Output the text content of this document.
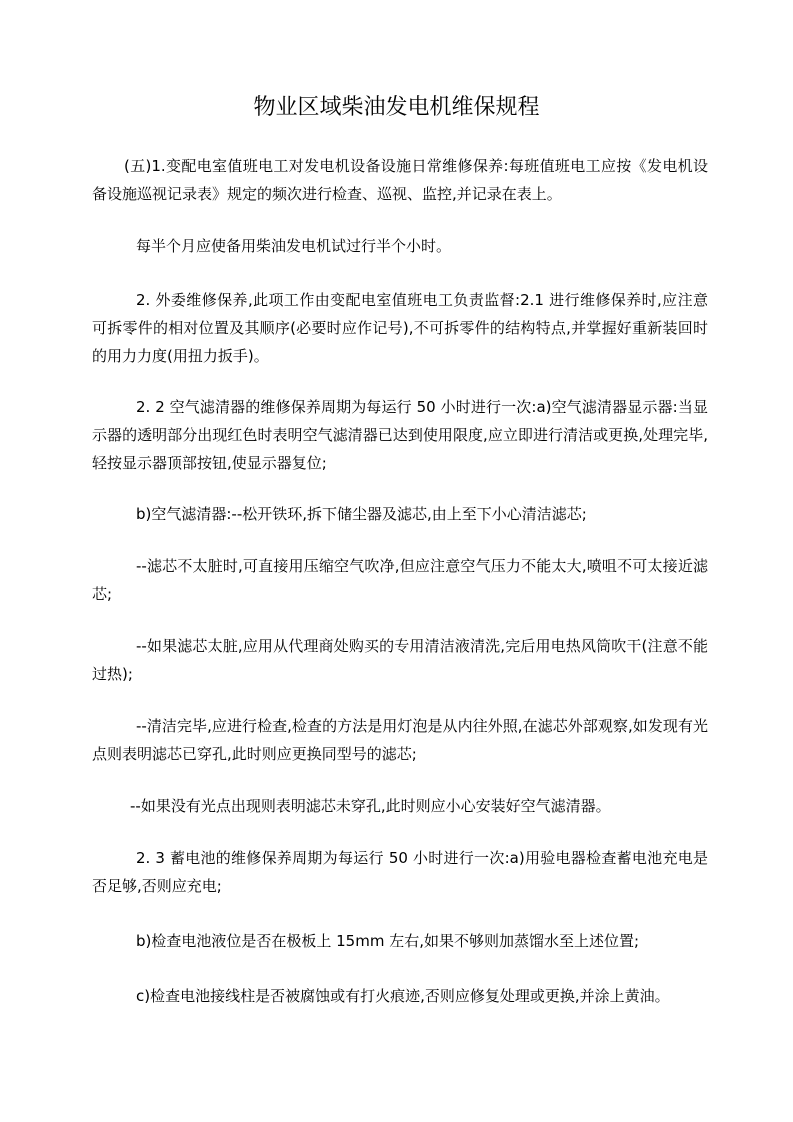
物业区域柴油发电机维保规程

(五)1.变配电室值班电工对发电机设备设施日常维修保养:每班值班电工应按《发电机设备设施巡视记录表》规定的频次进行检查、巡视、监控,并记录在表上。

每半个月应使备用柴油发电机试过行半个小时。

2. 外委维修保养,此项工作由变配电室值班电工负责监督:2.1 进行维修保养时,应注意可拆零件的相对位置及其顺序(必要时应作记号),不可拆零件的结构特点,并掌握好重新装回时的用力力度(用扭力扳手)。

2. 2 空气滤清器的维修保养周期为每运行 50 小时进行一次:a)空气滤清器显示器:当显示器的透明部分出现红色时表明空气滤清器已达到使用限度,应立即进行清洁或更换,处理完毕,轻按显示器顶部按钮,使显示器复位;

b)空气滤清器:--松开铁环,拆下储尘器及滤芯,由上至下小心清洁滤芯;

--滤芯不太脏时,可直接用压缩空气吹净,但应注意空气压力不能太大,喷咀不可太接近滤芯;

--如果滤芯太脏,应用从代理商处购买的专用清洁液清洗,完后用电热风筒吹干(注意不能过热);

--清洁完毕,应进行检查,检查的方法是用灯泡是从内往外照,在滤芯外部观察,如发现有光点则表明滤芯已穿孔,此时则应更换同型号的滤芯;

--如果没有光点出现则表明滤芯未穿孔,此时则应小心安装好空气滤清器。

2. 3 蓄电池的维修保养周期为每运行 50 小时进行一次:a)用验电器检查蓄电池充电是否足够,否则应充电;

b)检查电池液位是否在极板上 15mm 左右,如果不够则加蒸馏水至上述位置;

c)检查电池接线柱是否被腐蚀或有打火痕迹,否则应修复处理或更换,并涂上黄油。
